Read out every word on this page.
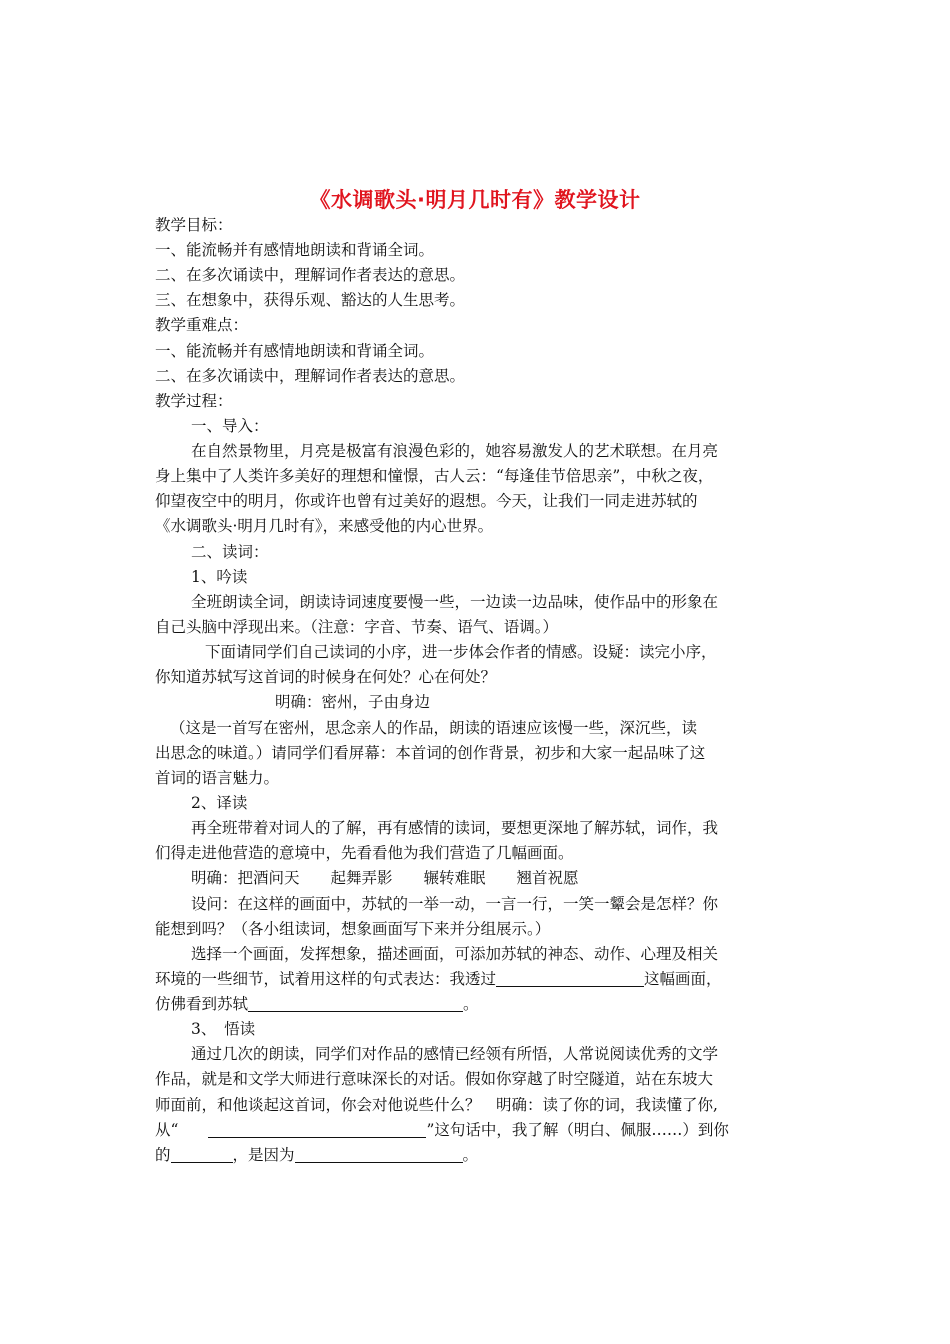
《水调歌头·明月几时有》教学设计
教学目标：
一、能流畅并有感情地朗读和背诵全词。
二、在多次诵读中，理解词作者表达的意思。
三、在想象中，获得乐观、豁达的人生思考。
教学重难点：
一、能流畅并有感情地朗读和背诵全词。
二、在多次诵读中，理解词作者表达的意思。
教学过程：
一、导入：
在自然景物里，月亮是极富有浪漫色彩的，她容易激发人的艺术联想。在月亮
身上集中了人类许多美好的理想和憧憬，古人云：“每逢佳节倍思亲”，中秋之夜，
仰望夜空中的明月，你或许也曾有过美好的遐想。今天，让我们一同走进苏轼的
《水调歌头·明月几时有》，来感受他的内心世界。
二、读词：
1、吟读
全班朗读全词，朗读诗词速度要慢一些，一边读一边品味，使作品中的形象在
自己头脑中浮现出来。（注意：字音、节奏、语气、语调。）
下面请同学们自己读词的小序，进一步体会作者的情感。设疑：读完小序，
你知道苏轼写这首词的时候身在何处？心在何处？
明确：密州，子由身边
（这是一首写在密州，思念亲人的作品，朗读的语速应该慢一些，深沉些，读
出思念的味道。）请同学们看屏幕：本首词的创作背景，初步和大家一起品味了这
首词的语言魅力。
2、译读
再全班带着对词人的了解，再有感情的读词，要想更深地了解苏轼，词作，我
们得走进他营造的意境中，先看看他为我们营造了几幅画面。
明确：把酒问天　　起舞弄影　　辗转难眠　　翘首祝愿
设问：在这样的画面中，苏轼的一举一动，一言一行，一笑一颦会是怎样？你
能想到吗？（各小组读词，想象画面写下来并分组展示。）
选择一个画面，发挥想象，描述画面，可添加苏轼的神态、动作、心理及相关
环境的一些细节，试着用这样的句式表达：我透过	这幅画面，
仿佛看到苏轼	。
3、　悟读
通过几次的朗读，同学们对作品的感情已经领有所悟，人常说阅读优秀的文学
作品，就是和文学大师进行意味深长的对话。假如你穿越了时空隧道，站在东坡大
师面前，和他谈起这首词，你会对他说些什么？　明确：读了你的词，我读懂了你,
从“	”这句话中，我了解（明白、佩服……）到你
的	，是因为	。
